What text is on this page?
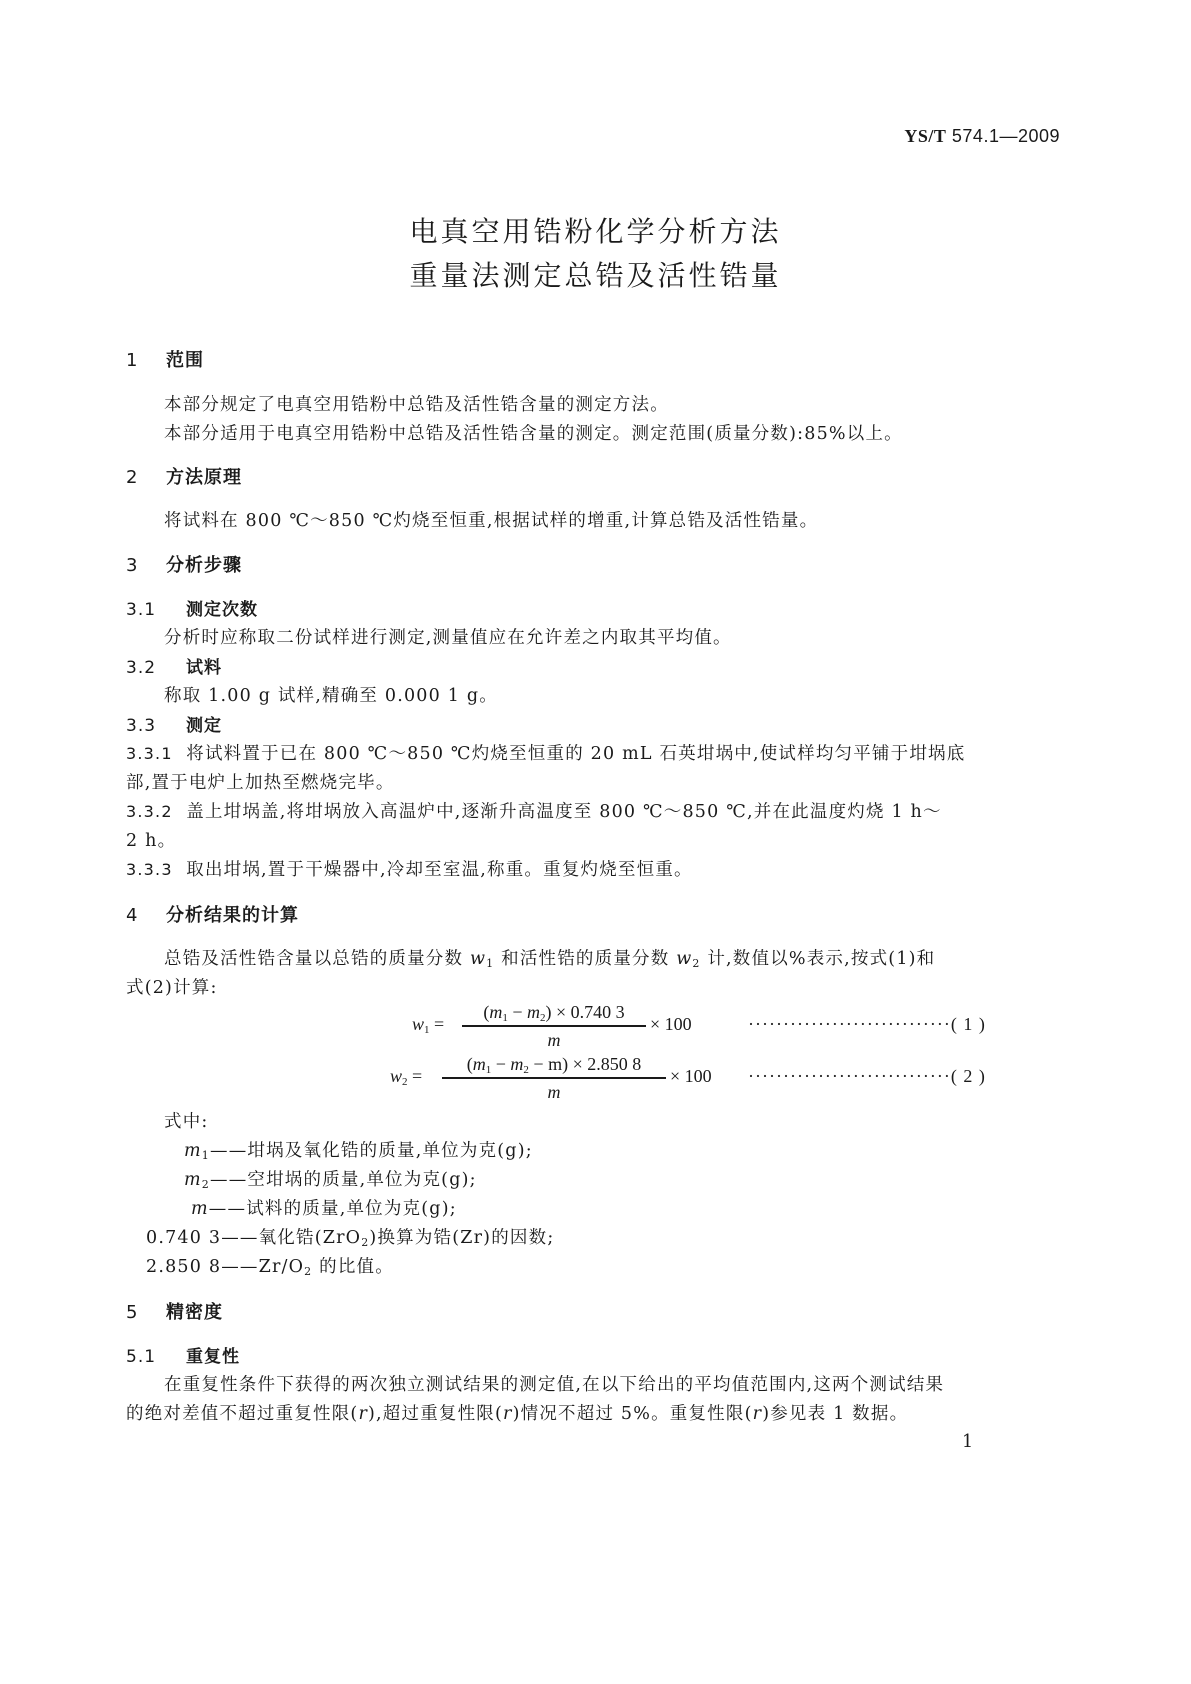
YS/T 574.1—2009
电真空用锆粉化学分析方法
重量法测定总锆及活性锆量
1 范围
本部分规定了电真空用锆粉中总锆及活性锆含量的测定方法。
本部分适用于电真空用锆粉中总锆及活性锆含量的测定。测定范围(质量分数):85%以上。
2 方法原理
将试料在 800 ℃～850 ℃灼烧至恒重,根据试样的增重,计算总锆及活性锆量。
3 分析步骤
3.1 测定次数
分析时应称取二份试样进行测定,测量值应在允许差之内取其平均值。
3.2 试料
称取 1.00 g 试样,精确至 0.000 1 g。
3.3 测定
3.3.1 将试料置于已在 800 ℃～850 ℃灼烧至恒重的 20 mL 石英坩埚中,使试样均匀平铺于坩埚底
部,置于电炉上加热至燃烧完毕。
3.3.2 盖上坩埚盖,将坩埚放入高温炉中,逐渐升高温度至 800 ℃～850 ℃,并在此温度灼烧 1 h～
2 h。
3.3.3 取出坩埚,置于干燥器中,冷却至室温,称重。重复灼烧至恒重。
4 分析结果的计算
总锆及活性锆含量以总锆的质量分数 $w_1$ 和活性锆的质量分数 $w_2$ 计,数值以%表示,按式(1)和
式(2)计算:
$w_1$ =
$(m_1 - m_2) \times 0.740$ 3
m
× 100	·····························( 1 )
$w_2$ =
$(m_1 - m_2 - m) \times 2.850$ 8
m
× 100 ·····························( 2 )
式中:
$m_1——$坩埚及氧化锆的质量,单位为克(g);
$m_2——$空坩埚的质量,单位为克(g);
m——试料的质量,单位为克(g);
0.740 3——氧化锆(ZrO$_2$)换算为锆(Zr)的因数;
2.850 $8——Zr/O_2$ 的比值。
5 精密度
5.1 重复性
在重复性条件下获得的两次独立测试结果的测定值,在以下给出的平均值范围内,这两个测试结果
的绝对差值不超过重复性限(r),超过重复性限(r)情况不超过 5%。重复性限(r)参见表 1 数据。
1
